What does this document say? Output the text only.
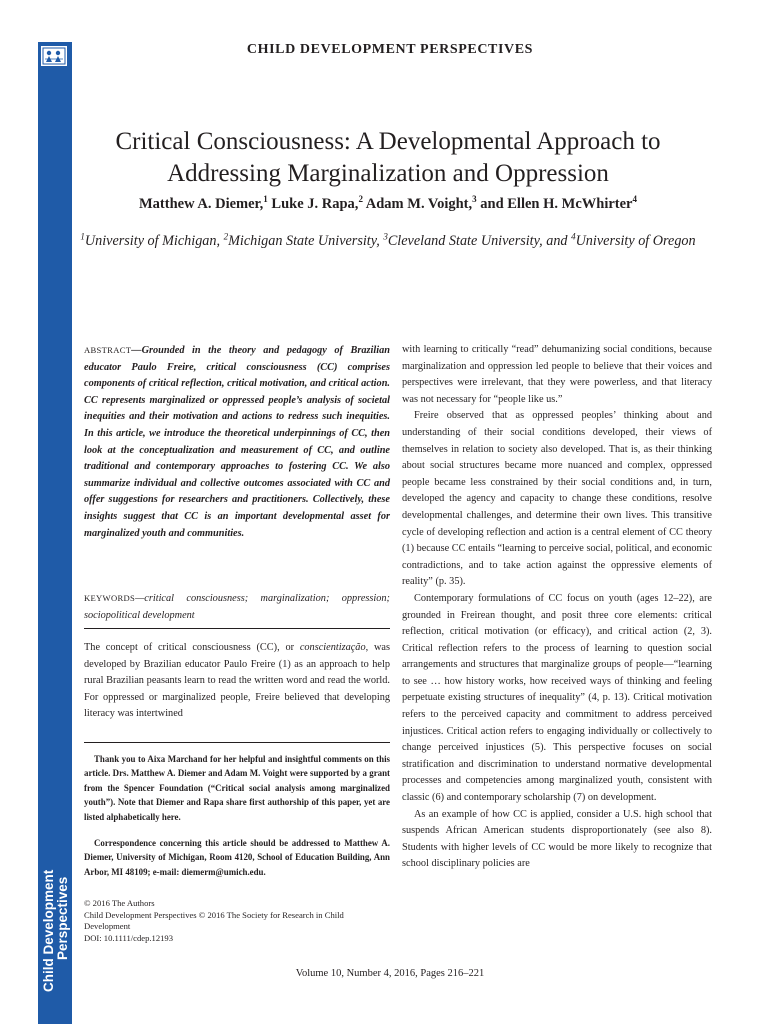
Child Development Perspectives
CHILD DEVELOPMENT PERSPECTIVES
Critical Consciousness: A Developmental Approach to
Addressing Marginalization and Oppression
Matthew A. Diemer,$^1$ Luke J. Rapa,$^2$ Adam M. Voight,$^3$ and Ellen H. McWhirter$^4$
$^1$University of Michigan, $^2$Michigan State University, $^3$Cleveland State University, and $^4$University of Oregon
ABSTRACT—Grounded in the theory and pedagogy of Brazilian educator Paulo Freire, critical consciousness (CC) comprises components of critical reflection, critical motivation, and critical action. CC represents marginalized or oppressed people’s analysis of societal inequities and their motivation and actions to redress such inequities. In this article, we introduce the theoretical underpinnings of CC, then look at the conceptualization and measurement of CC, and outline traditional and contemporary approaches to fostering CC. We also summarize individual and collective outcomes associated with CC and offer suggestions for researchers and practitioners. Collectively, these insights suggest that CC is an important developmental asset for marginalized youth and communities.
KEYWORDS—critical consciousness; marginalization; oppression; sociopolitical development

The concept of critical consciousness (CC), or conscientização, was developed by Brazilian educator Paulo Freire (1) as an approach to help rural Brazilian peasants learn to read the written word and read the world. For oppressed or marginalized people, Freire believed that developing literacy was intertwined

Thank you to Aixa Marchand for her helpful and insightful comments on this article. Drs. Matthew A. Diemer and Adam M. Voight were supported by a grant from the Spencer Foundation (“Critical social analysis among marginalized youth”). Note that Diemer and Rapa share first authorship of this paper, yet are listed alphabetically here.
Correspondence concerning this article should be addressed to Matthew A. Diemer, University of Michigan, Room 4120, School of Education Building, Ann Arbor, MI 48109; e-mail: diemerm@umich.edu.
© 2016 The Authors
Child Development Perspectives © 2016 The Society for Research in Child Development
DOI: 10.1111/cdep.12193

with learning to critically “read” dehumanizing social conditions, because marginalization and oppression led people to believe that their voices and perspectives were irrelevant, that they were powerless, and that literacy was not necessary for “people like us.”

Freire observed that as oppressed peoples’ thinking about and understanding of their social conditions developed, their views of themselves in relation to society also developed. That is, as their thinking about social structures became more nuanced and complex, oppressed people became less constrained by their social conditions and, in turn, developed the agency and capacity to change these conditions, resolve developmental challenges, and determine their own lives. This transitive cycle of developing reflection and action is a central element of CC theory (1) because CC entails “learning to perceive social, political, and economic contradictions, and to take action against the oppressive elements of reality” (p. 35).

Contemporary formulations of CC focus on youth (ages 12–22), are grounded in Freirean thought, and posit three core elements: critical reflection, critical motivation (or efficacy), and critical action (2, 3). Critical reflection refers to the process of learning to question social arrangements and structures that marginalize groups of people—“learning to see … how history works, how received ways of thinking and feeling perpetuate existing structures of inequality” (4, p. 13). Critical motivation refers to the perceived capacity and commitment to address perceived injustices. Critical action refers to engaging individually or collectively to change perceived injustices (5). This perspective focuses on social stratification and discrimination to understand normative developmental processes and competencies among marginalized youth, consistent with classic (6) and contemporary scholarship (7) on development.

As an example of how CC is applied, consider a U.S. high school that suspends African American students disproportionately (see also 8). Students with higher levels of CC would be more likely to recognize that school disciplinary policies are

Volume 10, Number 4, 2016, Pages 216–221
